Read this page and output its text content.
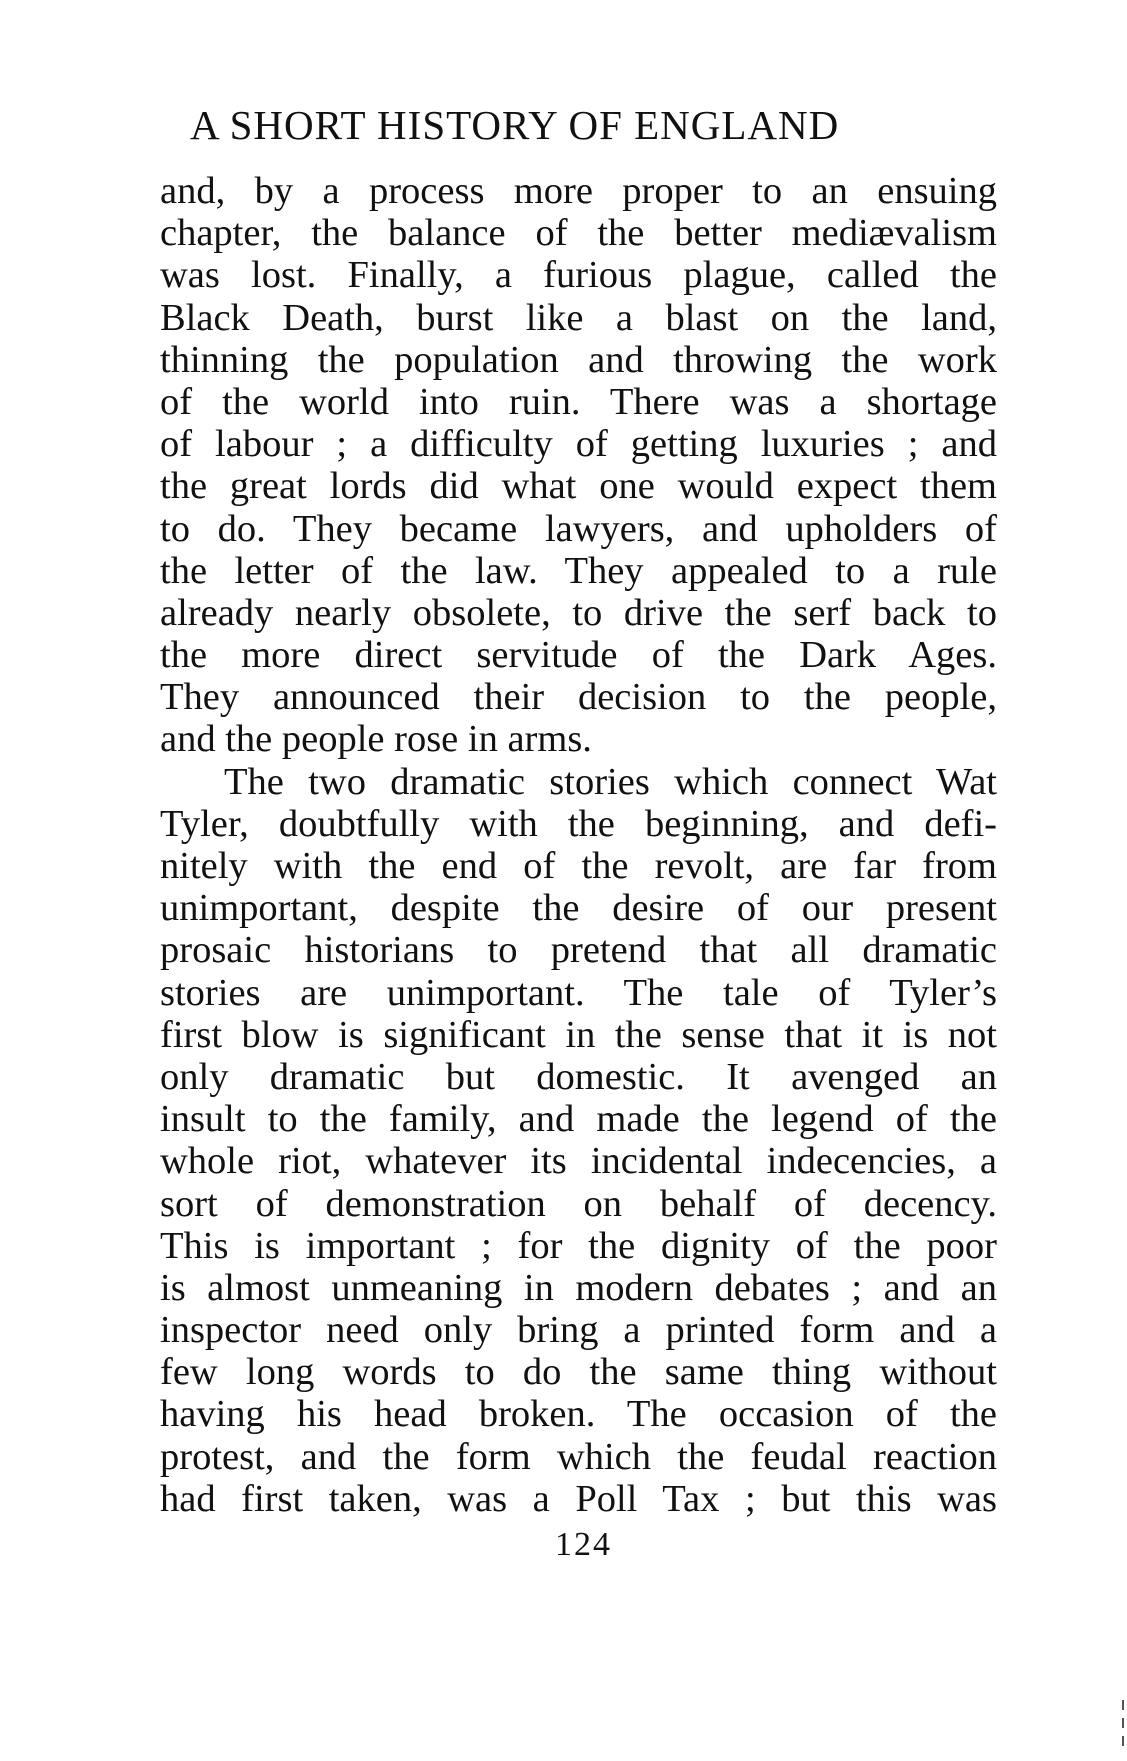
A SHORT HISTORY OF ENGLAND
and, by a process more proper to an ensuing
chapter, the balance of the better mediævalism
was lost. Finally, a furious plague, called the
Black Death, burst like a blast on the land,
thinning the population and throwing the work
of the world into ruin. There was a shortage
of labour ; a difficulty of getting luxuries ; and
the great lords did what one would expect them
to do. They became lawyers, and upholders of
the letter of the law. They appealed to a rule
already nearly obsolete, to drive the serf back to
the more direct servitude of the Dark Ages.
They announced their decision to the people,
and the people rose in arms.
The two dramatic stories which connect Wat
Tyler, doubtfully with the beginning, and defi-
nitely with the end of the revolt, are far from
unimportant, despite the desire of our present
prosaic historians to pretend that all dramatic
stories are unimportant. The tale of Tyler’s
first blow is significant in the sense that it is not
only dramatic but domestic. It avenged an
insult to the family, and made the legend of the
whole riot, whatever its incidental indecencies, a
sort of demonstration on behalf of decency.
This is important ; for the dignity of the poor
is almost unmeaning in modern debates ; and an
inspector need only bring a printed form and a
few long words to do the same thing without
having his head broken. The occasion of the
protest, and the form which the feudal reaction
had first taken, was a Poll Tax ; but this was
124
